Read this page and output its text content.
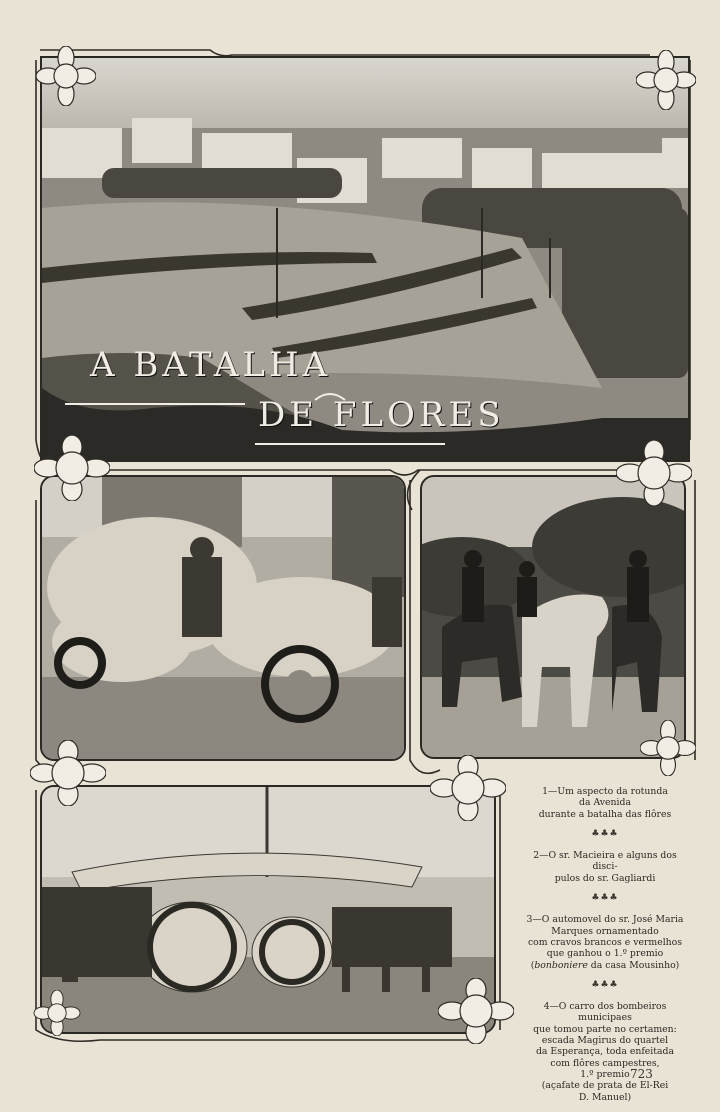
A BATALHA
DE FLORES

1—Um aspecto da rotunda

da Avenida

durante a batalha das flôres

♣♣♣

2—O sr. Macieira e alguns dos disci-

pulos do sr. Gagliardi

♣♣♣

3—O automovel do sr. José Maria

Marques ornamentado

com cravos brancos e vermelhos

que ganhou o 1.º premio

(bonboniere da casa Mousinho)

♣♣♣

4—O carro dos bombeiros

municipaes

que tomou parte no certamen:

escada Magirus do quartel

da Esperança, toda enfeitada

com flôres campestres,

1.º premio

(açafate de prata de El-Rei

D. Manuel)

723
